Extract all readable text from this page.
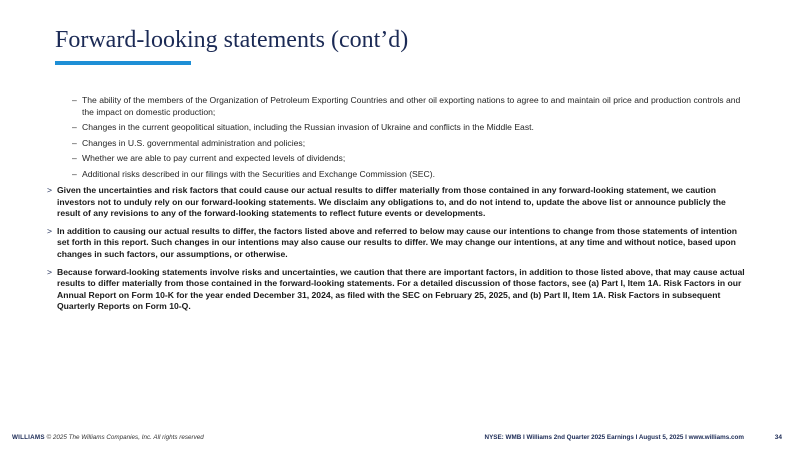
Forward-looking statements (cont’d)
– The ability of the members of the Organization of Petroleum Exporting Countries and other oil exporting nations to agree to and maintain oil price and production controls and the impact on domestic production;
– Changes in the current geopolitical situation, including the Russian invasion of Ukraine and conflicts in the Middle East.
– Changes in U.S. governmental administration and policies;
– Whether we are able to pay current and expected levels of dividends;
– Additional risks described in our filings with the Securities and Exchange Commission (SEC).
> Given the uncertainties and risk factors that could cause our actual results to differ materially from those contained in any forward-looking statement, we caution investors not to unduly rely on our forward-looking statements. We disclaim any obligations to, and do not intend to, update the above list or announce publicly the result of any revisions to any of the forward-looking statements to reflect future events or developments.
> In addition to causing our actual results to differ, the factors listed above and referred to below may cause our intentions to change from those statements of intention set forth in this report. Such changes in our intentions may also cause our results to differ. We may change our intentions, at any time and without notice, based upon changes in such factors, our assumptions, or otherwise.
> Because forward-looking statements involve risks and uncertainties, we caution that there are important factors, in addition to those listed above, that may cause actual results to differ materially from those contained in the forward-looking statements. For a detailed discussion of those factors, see (a) Part I, Item 1A. Risk Factors in our Annual Report on Form 10-K for the year ended December 31, 2024, as filed with the SEC on February 25, 2025, and (b) Part II, Item 1A. Risk Factors in subsequent Quarterly Reports on Form 10-Q.
WILLIAMS © 2025 The Williams Companies, Inc. All rights reserved	NYSE: WMB I Williams 2nd Quarter 2025 Earnings I August 5, 2025 I www.williams.com	34
